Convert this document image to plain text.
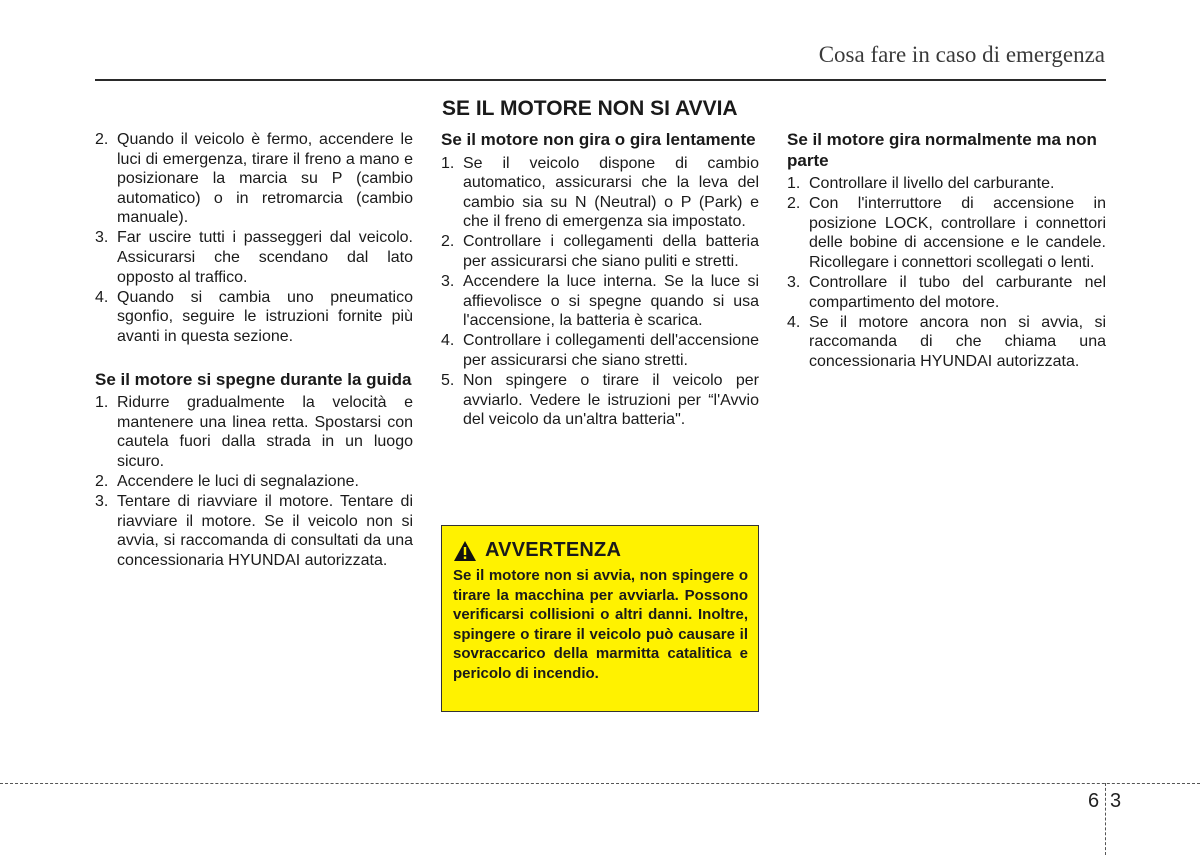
Cosa fare in caso di emergenza
SE IL MOTORE NON SI AVVIA
2. Quando il veicolo è fermo, accendere le luci di emergenza, tirare il freno a mano e posizionare la marcia su P (cambio automatico) o in retromarcia (cambio manuale).
3. Far uscire tutti i passeggeri dal veicolo. Assicurarsi che scendano dal lato opposto al traffico.
4. Quando si cambia uno pneumatico sgonfio, seguire le istruzioni fornite più avanti in questa sezione.
Se il motore si spegne durante la guida
1. Ridurre gradualmente la velocità e mantenere una linea retta. Spostarsi con cautela fuori dalla strada in un luogo sicuro.
2. Accendere le luci di segnalazione.
3. Tentare di riavviare il motore. Tentare di riavviare il motore. Se il veicolo non si avvia, si raccomanda di consultati da una concessionaria HYUNDAI autorizzata.
Se il motore non gira o gira lentamente
1. Se il veicolo dispone di cambio automatico, assicurarsi che la leva del cambio sia su N (Neutral) o P (Park) e che il freno di emergenza sia impostato.
2. Controllare i collegamenti della batteria per assicurarsi che siano puliti e stretti.
3. Accendere la luce interna. Se la luce si affievolisce o si spegne quando si usa l'accensione, la batteria è scarica.
4. Controllare i collegamenti dell'accensione per assicurarsi che siano stretti.
5. Non spingere o tirare il veicolo per avviarlo. Vedere le istruzioni per “l'Avvio del veicolo da un'altra batteria".
AVVERTENZA
Se il motore non si avvia, non spingere o tirare la macchina per avviarla. Possono verificarsi collisioni o altri danni. Inoltre, spingere o tirare il veicolo può causare il sovraccarico della marmitta catalitica e pericolo di incendio.
Se il motore gira normalmente ma non parte
1. Controllare il livello del carburante.
2. Con l'interruttore di accensione in posizione LOCK, controllare i connettori delle bobine di accensione e le candele. Ricollegare i connettori scollegati o lenti.
3. Controllare il tubo del carburante nel compartimento del motore.
4. Se il motore ancora non si avvia, si raccomanda di che chiama una concessionaria HYUNDAI autorizzata.
6 3
